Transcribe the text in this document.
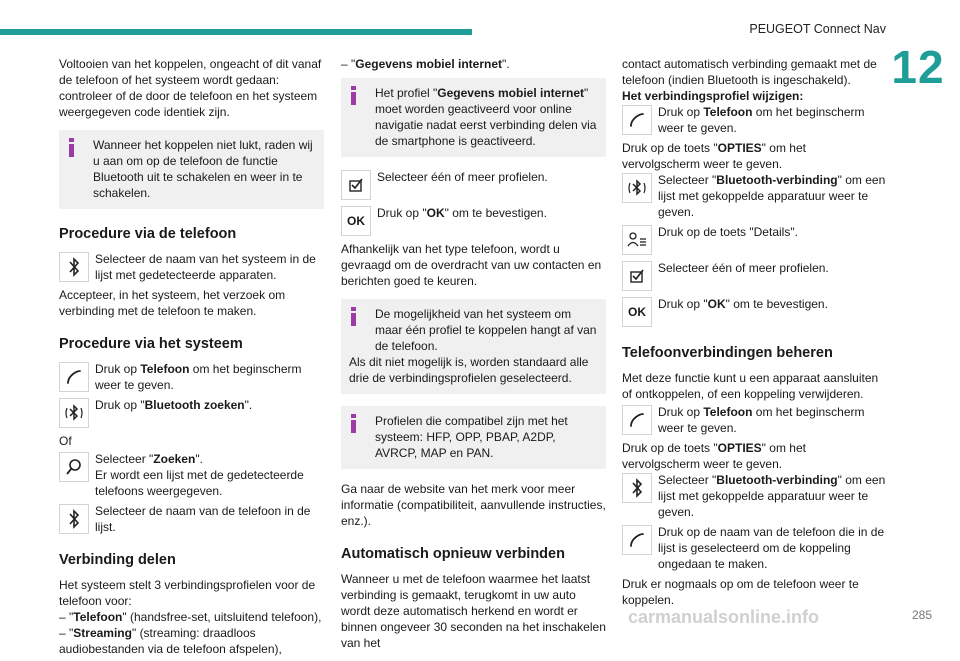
PEUGEOT Connect Nav
12
carmanualsonline.info	285

Voltooien van het koppelen, ongeacht of dit vanaf de telefoon of het systeem wordt gedaan: controleer of de door de telefoon en het systeem weergegeven code identiek zijn.

Wanneer het koppelen niet lukt, raden wij u aan om op de telefoon de functie Bluetooth uit te schakelen en weer in te schakelen.
Procedure via de telefoon
Selecteer de naam van het systeem in de lijst met gedetecteerde apparaten.

Accepteer, in het systeem, het verzoek om verbinding met de telefoon te maken.

Procedure via het systeem
Druk op Telefoon om het beginscherm weer te geven.
Druk op "Bluetooth zoeken".

Of

Selecteer "Zoeken".
Er wordt een lijst met de gedetecteerde telefoons weergegeven.
Selecteer de naam van de telefoon in de lijst.
Verbinding delen

Het systeem stelt 3 verbindingsprofielen voor de telefoon voor:

– "Telefoon" (handsfree-set, uitsluitend telefoon),

– "Streaming" (streaming: draadloos audiobestanden via de telefoon afspelen),

– "Gegevens mobiel internet".

Het profiel "Gegevens mobiel internet" moet worden geactiveerd voor online navigatie nadat eerst verbinding delen via de smartphone is geactiveerd.
Selecteer één of meer profielen.
OK
Druk op "OK" om te bevestigen.

Afhankelijk van het type telefoon, wordt u gevraagd om de overdracht van uw contacten en berichten goed te keuren.

De mogelijkheid van het systeem om maar één profiel te koppelen hangt af van de telefoon.
Als dit niet mogelijk is, worden standaard alle drie de verbindingsprofielen geselecteerd.
Profielen die compatibel zijn met het systeem: HFP, OPP, PBAP, A2DP, AVRCP, MAP en PAN.

Ga naar de website van het merk voor meer informatie (compatibiliteit, aanvullende instructies, enz.).

Automatisch opnieuw verbinden

Wanneer u met de telefoon waarmee het laatst verbinding is gemaakt, terugkomt in uw auto wordt deze automatisch herkend en wordt er binnen ongeveer 30 seconden na het inschakelen van het

contact automatisch verbinding gemaakt met de telefoon (indien Bluetooth is ingeschakeld).

Het verbindingsprofiel wijzigen:

Druk op Telefoon om het beginscherm weer te geven.

Druk op de toets "OPTIES" om het vervolgscherm weer te geven.

Selecteer "Bluetooth-verbinding" om een lijst met gekoppelde apparatuur weer te geven.
Druk op de toets "Details".
Selecteer één of meer profielen.
OK
Druk op "OK" om te bevestigen.
Telefoonverbindingen beheren

Met deze functie kunt u een apparaat aansluiten of ontkoppelen, of een koppeling verwijderen.

Druk op Telefoon om het beginscherm weer te geven.

Druk op de toets "OPTIES" om het vervolgscherm weer te geven.

Selecteer "Bluetooth-verbinding" om een lijst met gekoppelde apparatuur weer te geven.
Druk op de naam van de telefoon die in de lijst is geselecteerd om de koppeling ongedaan te maken.

Druk er nogmaals op om de telefoon weer te koppelen.
